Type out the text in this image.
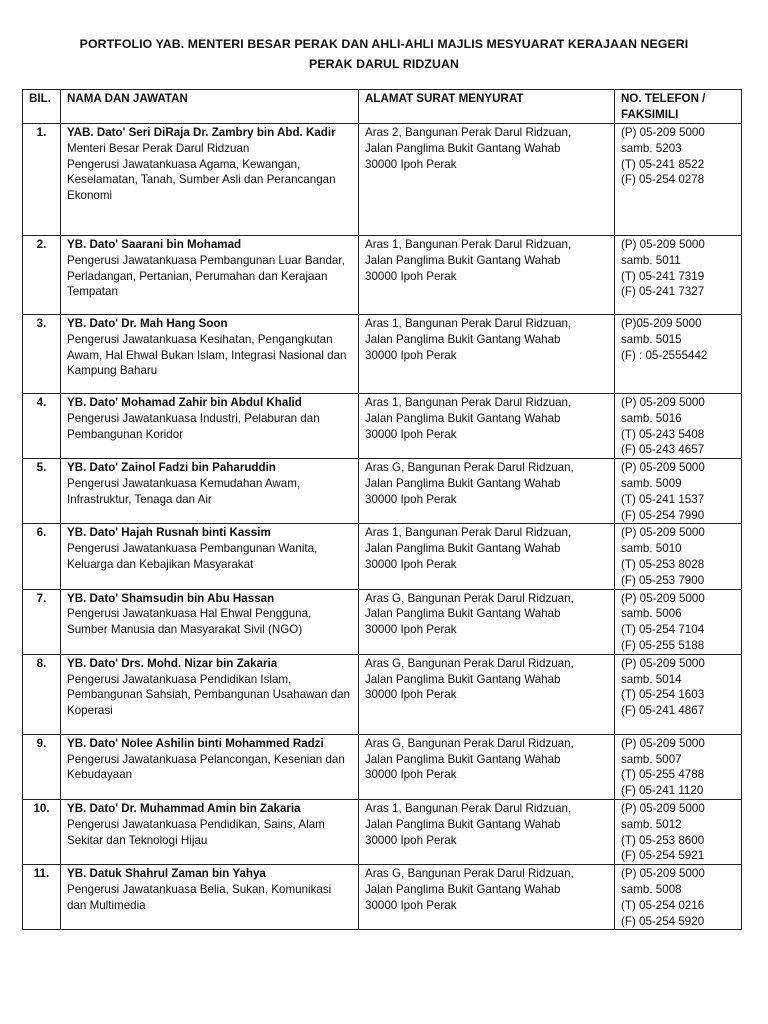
PORTFOLIO YAB. MENTERI BESAR PERAK DAN AHLI-AHLI MAJLIS MESYUARAT KERAJAAN NEGERI
PERAK DARUL RIDZUAN
BIL.	NAMA DAN JAWATAN	ALAMAT SURAT MENYURAT	NO. TELEFON / FAKSIMILI
1.	YAB. Dato' Seri DiRaja Dr. Zambry bin Abd. Kadir
Menteri Besar Perak Darul Ridzuan
Pengerusi Jawatankuasa Agama, Kewangan, Keselamatan, Tanah, Sumber Asli dan Perancangan Ekonomi	Aras 2, Bangunan Perak Darul Ridzuan,
Jalan Panglima Bukit Gantang Wahab
30000 Ipoh Perak	(P) 05-209 5000
samb. 5203
(T) 05-241 8522
(F) 05-254 0278

2.	YB. Dato' Saarani bin Mohamad
Pengerusi Jawatankuasa Pembangunan Luar Bandar, Perladangan, Pertanian, Perumahan dan Kerajaan Tempatan	Aras 1, Bangunan Perak Darul Ridzuan,
Jalan Panglima Bukit Gantang Wahab
30000 Ipoh Perak	(P) 05-209 5000
samb. 5011
(T) 05-241 7319
(F) 05-241 7327

3.	YB. Dato' Dr. Mah Hang Soon
Pengerusi Jawatankuasa Kesihatan, Pengangkutan Awam, Hal Ehwal Bukan Islam, Integrasi Nasional dan Kampung Baharu	Aras 1, Bangunan Perak Darul Ridzuan,
Jalan Panglima Bukit Gantang Wahab
30000 Ipoh Perak	(P)05-209 5000
samb. 5015
(F) : 05-2555442

4.	YB. Dato' Mohamad Zahir bin Abdul Khalid
Pengerusi Jawatankuasa Industri, Pelaburan dan Pembangunan Koridor	Aras 1, Bangunan Perak Darul Ridzuan,
Jalan Panglima Bukit Gantang Wahab
30000 Ipoh Perak	(P) 05-209 5000
samb. 5016
(T) 05-243 5408
(F) 05-243 4657

5.	YB. Dato' Zainol Fadzi bin Paharuddin
Pengerusi Jawatankuasa Kemudahan Awam, Infrastruktur, Tenaga dan Air	Aras G, Bangunan Perak Darul Ridzuan,
Jalan Panglima Bukit Gantang Wahab
30000 Ipoh Perak	(P) 05-209 5000
samb. 5009
(T) 05-241 1537
(F) 05-254 7990

6.	YB. Dato' Hajah Rusnah binti Kassim
Pengerusi Jawatankuasa Pembangunan Wanita, Keluarga dan Kebajikan Masyarakat	Aras 1, Bangunan Perak Darul Ridzuan,
Jalan Panglima Bukit Gantang Wahab
30000 Ipoh Perak	(P) 05-209 5000
samb. 5010
(T) 05-253 8028
(F) 05-253 7900

7.	YB. Dato' Shamsudin bin Abu Hassan
Pengerusi Jawatankuasa Hal Ehwal Pengguna, Sumber Manusia dan Masyarakat Sivil (NGO)	Aras G, Bangunan Perak Darul Ridzuan,
Jalan Panglima Bukit Gantang Wahab
30000 Ipoh Perak	(P) 05-209 5000
samb. 5006
(T) 05-254 7104
(F) 05-255 5188

8.	YB. Dato' Drs. Mohd. Nizar bin Zakaria
Pengerusi Jawatankuasa Pendidikan Islam, Pembangunan Sahsiah, Pembangunan Usahawan dan Koperasi	Aras G, Bangunan Perak Darul Ridzuan,
Jalan Panglima Bukit Gantang Wahab
30000 Ipoh Perak	(P) 05-209 5000
samb. 5014
(T) 05-254 1603
(F) 05-241 4867

9.	YB. Dato' Nolee Ashilin binti Mohammed Radzi
Pengerusi Jawatankuasa Pelancongan, Kesenian dan Kebudayaan	Aras G, Bangunan Perak Darul Ridzuan,
Jalan Panglima Bukit Gantang Wahab
30000 Ipoh Perak	(P) 05-209 5000
samb. 5007
(T) 05-255 4788
(F) 05-241 1120

10.	YB. Dato' Dr. Muhammad Amin bin Zakaria
Pengerusi Jawatankuasa Pendidikan, Sains, Alam Sekitar dan Teknologi Hijau	Aras 1, Bangunan Perak Darul Ridzuan,
Jalan Panglima Bukit Gantang Wahab
30000 Ipoh Perak	(P) 05-209 5000
samb. 5012
(T) 05-253 8600
(F) 05-254 5921

11.	YB. Datuk Shahrul Zaman bin Yahya
Pengerusi Jawatankuasa Belia, Sukan, Komunikasi dan Multimedia	Aras G, Bangunan Perak Darul Ridzuan,
Jalan Panglima Bukit Gantang Wahab
30000 Ipoh Perak	(P) 05-209 5000
samb. 5008
(T) 05-254 0216
(F) 05-254 5920
